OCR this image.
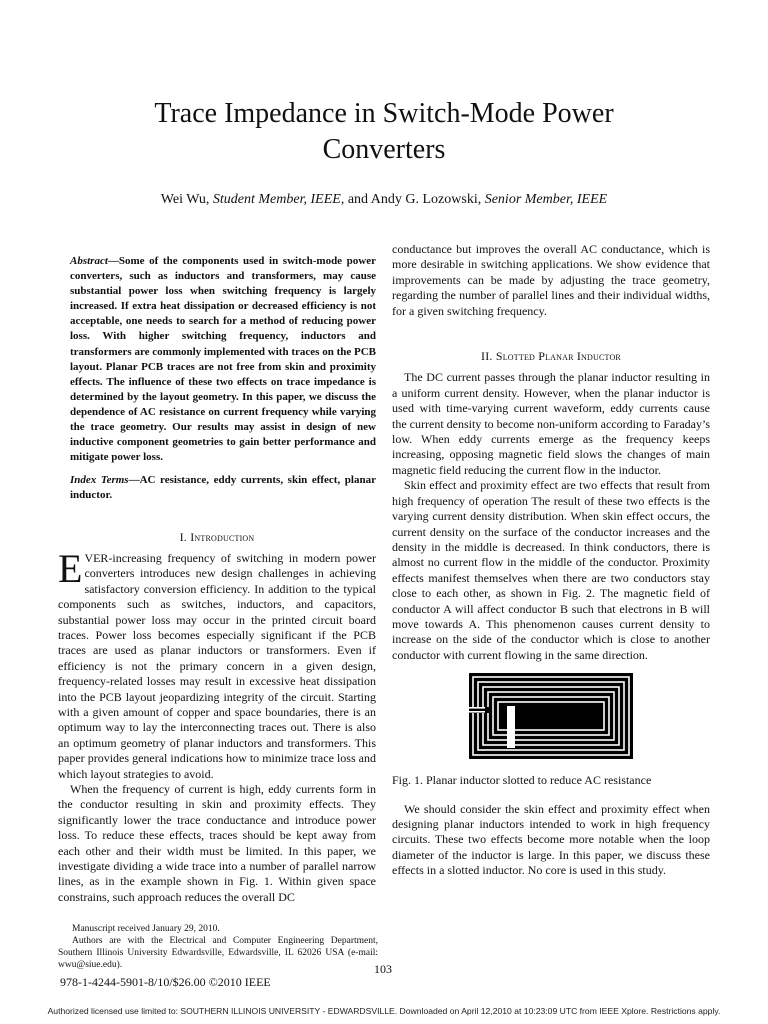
Trace Impedance in Switch-Mode Power
Converters
Wei Wu, Student Member, IEEE, and Andy G. Lozowski, Senior Member, IEEE

Abstract—Some of the components used in switch-mode power converters, such as inductors and transformers, may cause substantial power loss when switching frequency is largely increased. If extra heat dissipation or decreased efficiency is not acceptable, one needs to search for a method of reducing power loss. With higher switching frequency, inductors and transformers are commonly implemented with traces on the PCB layout. Planar PCB traces are not free from skin and proximity effects. The influence of these two effects on trace impedance is determined by the layout geometry. In this paper, we discuss the dependence of AC resistance on current frequency while varying the trace geometry. Our results may assist in design of new inductive component geometries to gain better performance and mitigate power loss.

Index Terms—AC resistance, eddy currents, skin effect, planar inductor.

I. Introduction

EVER-increasing frequency of switching in modern power converters introduces new design challenges in achieving satisfactory conversion efficiency. In addition to the typical components such as switches, inductors, and capacitors, substantial power loss may occur in the printed circuit board traces. Power loss becomes especially significant if the PCB traces are used as planar inductors or transformers. Even if efficiency is not the primary concern in a given design, frequency-related losses may result in excessive heat dissipation into the PCB layout jeopardizing integrity of the circuit. Starting with a given amount of copper and space boundaries, there is an optimum way to lay the interconnecting traces out. There is also an optimum geometry of planar inductors and transformers. This paper provides general indications how to minimize trace loss and which layout strategies to avoid.

When the frequency of current is high, eddy currents form in the conductor resulting in skin and proximity effects. They significantly lower the trace conductance and introduce power loss. To reduce these effects, traces should be kept away from each other and their width must be limited. In this paper, we investigate dividing a wide trace into a number of parallel narrow lines, as in the example shown in Fig. 1. Within given space constrains, such approach reduces the overall DC

conductance but improves the overall AC conductance, which is more desirable in switching applications. We show evidence that improvements can be made by adjusting the trace geometry, regarding the number of parallel lines and their individual widths, for a given switching frequency.

II. Slotted Planar Inductor

The DC current passes through the planar inductor resulting in a uniform current density. However, when the planar inductor is used with time-varying current waveform, eddy currents cause the current density to become non-uniform according to Faraday’s low. When eddy currents emerge as the frequency keeps increasing, opposing magnetic field slows the changes of main magnetic field reducing the current flow in the inductor.

Skin effect and proximity effect are two effects that result from high frequency of operation The result of these two effects is the varying current density distribution. When skin effect occurs, the current density on the surface of the conductor increases and the density in the middle is decreased. In think conductors, there is almost no current flow in the middle of the conductor. Proximity effects manifest themselves when there are two conductors stay close to each other, as shown in Fig. 2. The magnetic field of conductor A will affect conductor B such that electrons in B will move towards A. This phenomenon causes current density to increase on the side of the conductor which is close to another conductor with current flowing in the same direction.

Fig. 1. Planar inductor slotted to reduce AC resistance

We should consider the skin effect and proximity effect when designing planar inductors intended to work in high frequency circuits. These two effects become more notable when the loop diameter of the inductor is large. In this paper, we discuss these effects in a slotted inductor. No core is used in this study.

Manuscript received January 29, 2010.

Authors are with the Electrical and Computer Engineering Department, Southern Illinois University Edwardsville, Edwardsville, IL 62026 USA (e-mail: wwu@siue.edu).	103
978-1-4244-5901-8/10/$26.00 ©2010 IEEE
Authorized licensed use limited to: SOUTHERN ILLINOIS UNIVERSITY - EDWARDSVILLE. Downloaded on April 12,2010 at 10:23:09 UTC from IEEE Xplore. Restrictions apply.
